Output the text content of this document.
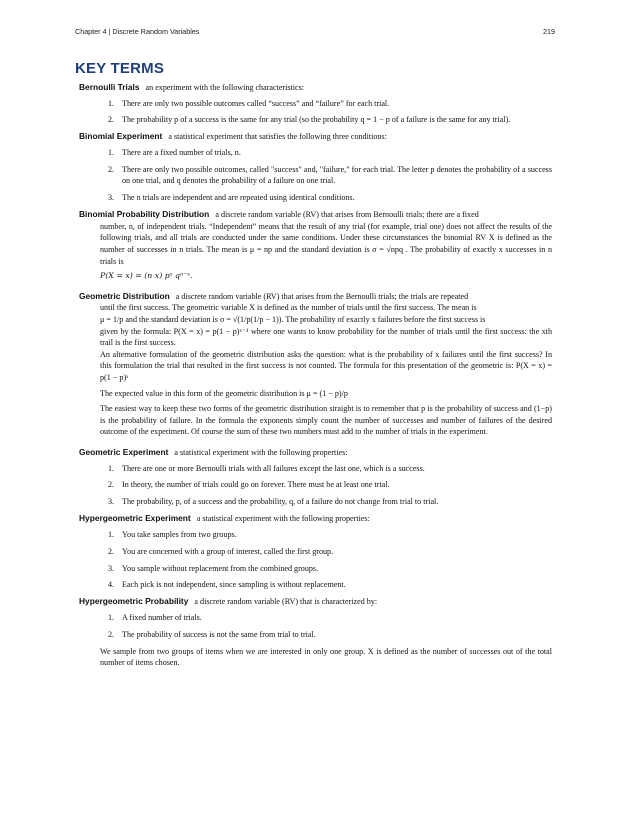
Chapter 4 | Discrete Random Variables	219
KEY TERMS

Bernoulli Trials an experiment with the following characteristics:

1. There are only two possible outcomes called “success” and “failure” for each trial.
2. The probability p of a success is the same for any trial (so the probability q = 1 − p of a failure is the same for any trial).

Binomial Experiment a statistical experiment that satisfies the following three conditions:

1. There are a fixed number of trials, n.
2. There are only two possible outcomes, called "success" and, "failure," for each trial. The letter p denotes the probability of a success on one trial, and q denotes the probability of a failure on one trial.
3. The n trials are independent and are repeated using identical conditions.

Binomial Probability Distribution a discrete random variable (RV) that arises from Bernoulli trials; there are a fixed

number, n, of independent trials. “Independent” means that the result of any trial (for example, trial one) does not affect the results of the following trials, and all trials are conducted under the same conditions. Under these circumstances the binomial RV X is defined as the number of successes in n trials. The mean is μ = np and the standard deviation is σ = √npq . The probability of exactly x successes in n trials is

P(X = x) = (n x) pˣ qⁿ⁻ˣ.

Geometric Distribution a discrete random variable (RV) that arises from the Bernoulli trials; the trials are repeated

until the first success. The geometric variable X is defined as the number of trials until the first success. The mean is

μ = 1/p and the standard deviation is σ = √(1/p(1/p − 1)). The probability of exactly x failures before the first success is

given by the formula: P(X = x) = p(1 − p)ˣ⁻¹ where one wants to know probability for the number of trials until the first success: the xth trail is the first success.

An alternative formulation of the geometric distribution asks the question: what is the probability of x failures until the first success? In this formulation the trial that resulted in the first success is not counted. The formula for this presentation of the geometric is: P(X = x) = p(1 − p)ˣ

The expected value in this form of the geometric distribution is μ = (1 − p)/p

The easiest way to keep these two forms of the geometric distribution straight is to remember that p is the probability of success and (1−p) is the probability of failure. In the formula the exponents simply count the number of successes and number of failures of the desired outcome of the experiment. Of course the sum of these two numbers must add to the number of trials in the experiment.

Geometric Experiment a statistical experiment with the following properties:

1. There are one or more Bernoulli trials with all failures except the last one, which is a success.
2. In theory, the number of trials could go on forever. There must be at least one trial.
3. The probability, p, of a success and the probability, q, of a failure do not change from trial to trial.

Hypergeometric Experiment a statistical experiment with the following properties:

1. You take samples from two groups.
2. You are concerned with a group of interest, called the first group.
3. You sample without replacement from the combined groups.
4. Each pick is not independent, since sampling is without replacement.

Hypergeometric Probability a discrete random variable (RV) that is characterized by:

1. A fixed number of trials.
2. The probability of success is not the same from trial to trial.

We sample from two groups of items when we are interested in only one group. X is defined as the number of successes out of the total number of items chosen.
